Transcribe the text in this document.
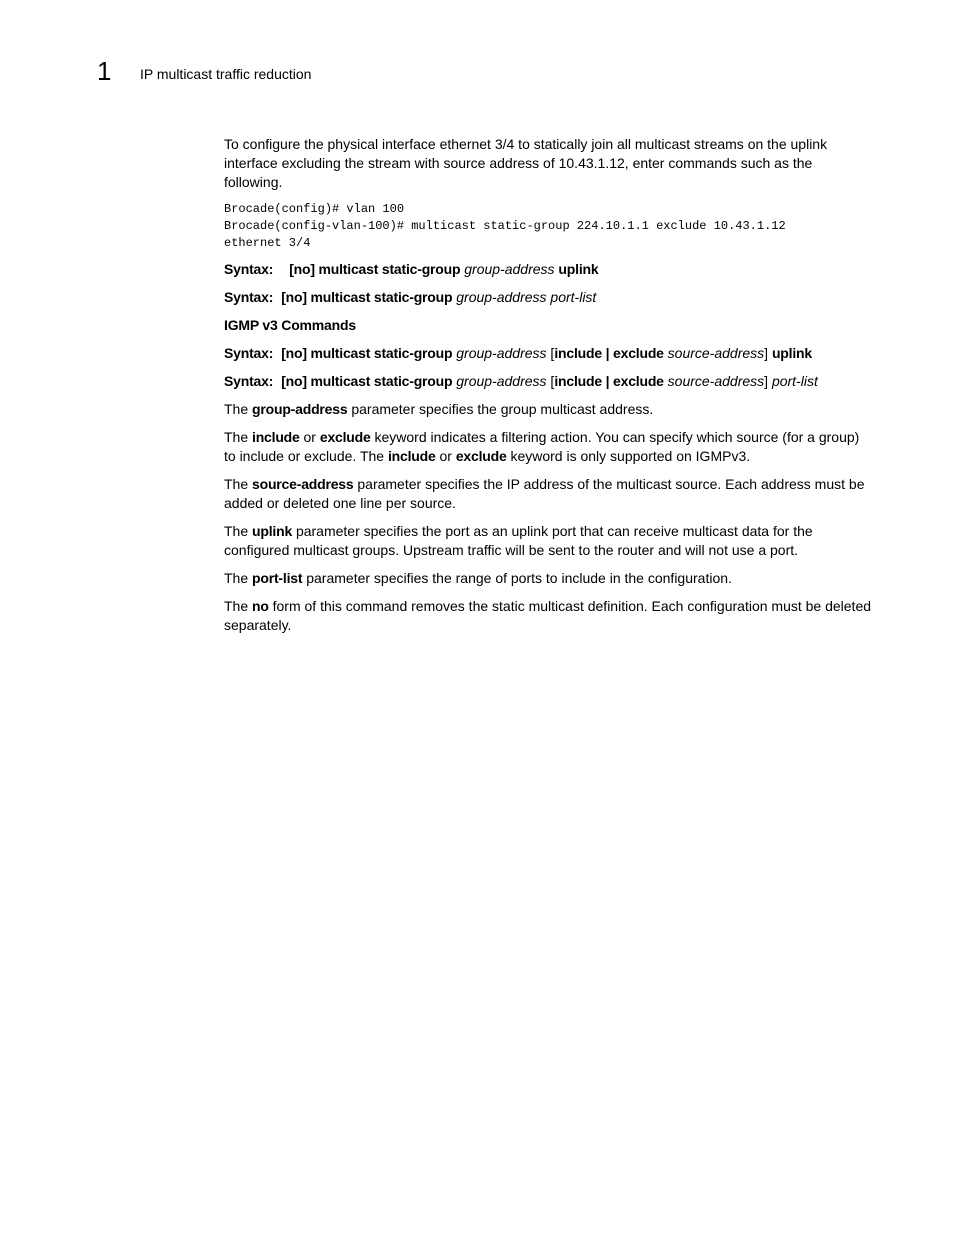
1 IP multicast traffic reduction

To configure the physical interface ethernet 3/4 to statically join all multicast streams on the uplink interface excluding the stream with source address of 10.43.1.12, enter commands such as the following.

Brocade(config)# vlan 100
Brocade(config-vlan-100)# multicast static-group 224.10.1.1 exclude 10.43.1.12
ethernet 3/4

Syntax: [no] multicast static-group group-address uplink

Syntax: [no] multicast static-group group-address port-list

IGMP v3 Commands

Syntax: [no] multicast static-group group-address [include | exclude source-address] uplink

Syntax: [no] multicast static-group group-address [include | exclude source-address] port-list

The group-address parameter specifies the group multicast address.

The include or exclude keyword indicates a filtering action. You can specify which source (for a group) to include or exclude. The include or exclude keyword is only supported on IGMPv3.

The source-address parameter specifies the IP address of the multicast source. Each address must be added or deleted one line per source.

The uplink parameter specifies the port as an uplink port that can receive multicast data for the configured multicast groups. Upstream traffic will be sent to the router and will not use a port.

The port-list parameter specifies the range of ports to include in the configuration.

The no form of this command removes the static multicast definition. Each configuration must be deleted separately.
